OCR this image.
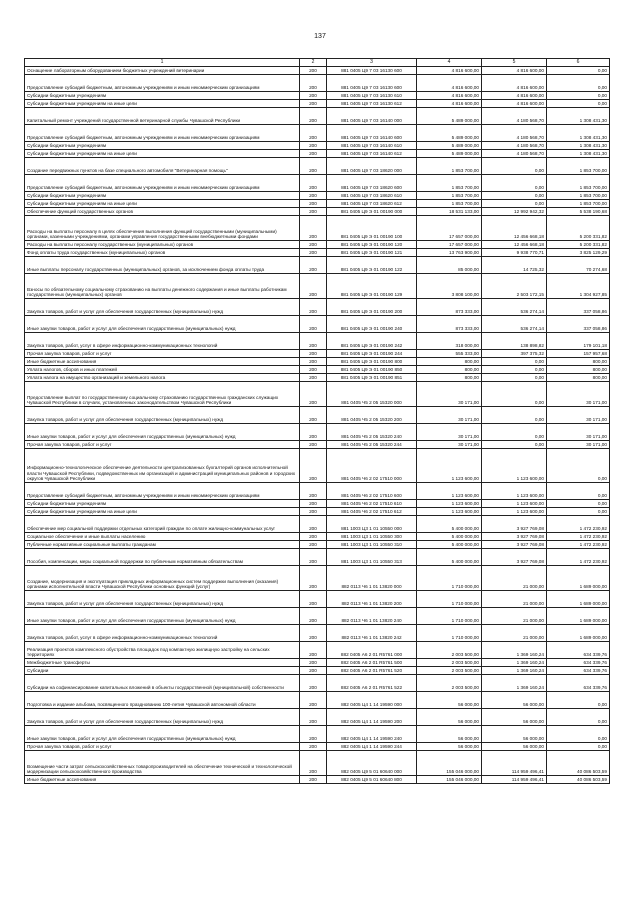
137
1	2	3	4	5	6
Оснащение лабораторным оборудованием бюджетных учреждений ветеринарии	200	881 0405 Ц9 7 03 16130 600	4 816 600,00	4 816 600,00	0,00
Предоставление субсидий бюджетным, автономным учреждениям и иным некоммерческим организациям	200	881 0405 Ц9 7 03 16130 600	4 816 600,00	4 816 600,00	0,00
Субсидии бюджетным учреждениям	200	881 0405 Ц9 7 03 16130 610	4 816 600,00	4 816 600,00	0,00
Субсидии бюджетным учреждениям на иные цели	200	881 0405 Ц9 7 03 16130 612	4 816 600,00	4 816 600,00	0,00
Капитальный ремонт учреждений государственной ветеринарной службы Чувашской Республики	200	881 0405 Ц9 7 03 16140 000	5 489 000,00	4 180 568,70	1 308 431,30
Предоставление субсидий бюджетным, автономным учреждениям и иным некоммерческим организациям	200	881 0405 Ц9 7 03 16140 600	5 489 000,00	4 180 568,70	1 308 431,30
Субсидии бюджетным учреждениям	200	881 0405 Ц9 7 03 16140 610	5 489 000,00	4 180 568,70	1 308 431,30
Субсидии бюджетным учреждениям на иные цели	200	881 0405 Ц9 7 03 16140 612	5 489 000,00	4 180 568,70	1 308 431,30
Создание передвижных пунктов на базе специального автомобиля "Ветеринарная помощь"	200	881 0405 Ц9 7 03 18620 000	1 853 700,00	0,00	1 853 700,00
Предоставление субсидий бюджетным, автономным учреждениям и иным некоммерческим организациям	200	881 0405 Ц9 7 03 18620 600	1 853 700,00	0,00	1 853 700,00
Субсидии бюджетным учреждениям	200	881 0405 Ц9 7 03 18620 610	1 853 700,00	0,00	1 853 700,00
Субсидии бюджетным учреждениям на иные цели	200	881 0405 Ц9 7 03 18620 612	1 853 700,00	0,00	1 853 700,00
Обеспечение функций государственных органов	200	881 0405 Ц9 Э 01 00190 000	18 531 133,00	12 992 942,32	5 538 190,68
Расходы на выплаты персоналу в целях обеспечения выполнения функций государственными (муниципальными) органами, казенными учреждениями, органами управления государственными внебюджетными фондами	200	881 0405 Ц9 Э 01 00190 100	17 657 000,00	12 456 668,18	5 200 331,82
Расходы на выплаты персоналу государственных (муниципальных) органов	200	881 0405 Ц9 Э 01 00190 120	17 657 000,00	12 456 668,18	5 200 331,82
Фонд оплаты труда государственных (муниципальных) органов	200	881 0405 Ц9 Э 01 00190 121	13 763 900,00	9 938 770,71	3 825 129,29
Иные выплаты персоналу государственных (муниципальных) органов, за исключением фонда оплаты труда	200	881 0405 Ц9 Э 01 00190 122	85 000,00	14 725,32	70 274,68
Взносы по обязательному социальному страхованию на выплаты денежного содержания и иные выплаты работникам государственных (муниципальных) органов	200	881 0405 Ц9 Э 01 00190 129	3 808 100,00	2 503 172,15	1 304 927,85
Закупка товаров, работ и услуг для обеспечения государственных (муниципальных) нужд	200	881 0405 Ц9 Э 01 00190 200	873 333,00	536 274,14	337 058,86
Иные закупки товаров, работ и услуг для обеспечения государственных (муниципальных) нужд	200	881 0405 Ц9 Э 01 00190 240	873 333,00	536 274,14	337 058,86
Закупка товаров, работ, услуг в сфере информационно-коммуникационных технологий	200	881 0405 Ц9 Э 01 00190 242	318 000,00	138 898,82	179 101,18
Прочая закупка товаров, работ и услуг	200	881 0405 Ц9 Э 01 00190 244	555 333,00	397 375,32	157 957,68
Иные бюджетные ассигнования	200	881 0405 Ц9 Э 01 00190 800	800,00	0,00	800,00
Уплата налогов, сборов и иных платежей	200	881 0405 Ц9 Э 01 00190 850	800,00	0,00	800,00
Уплата налога на имущество организаций и земельного налога	200	881 0405 Ц9 Э 01 00190 851	800,00	0,00	800,00
Предоставление выплат по государственному социальному страхованию государственных гражданских служащих Чувашской Республики в случаях, установленных законодательством Чувашской Республики	200	881 0405 Ч5 2 05 15320 000	30 171,00	0,00	30 171,00
Закупка товаров, работ и услуг для обеспечения государственных (муниципальных) нужд	200	881 0405 Ч5 2 05 15320 200	30 171,00	0,00	30 171,00
Иные закупки товаров, работ и услуг для обеспечения государственных (муниципальных) нужд	200	881 0405 Ч5 2 05 15320 240	30 171,00	0,00	30 171,00
Прочая закупка товаров, работ и услуг	200	881 0405 Ч5 2 05 15320 244	30 171,00	0,00	30 171,00
Информационно-технологическое обеспечение деятельности централизованных бухгалтерий органов исполнительной власти Чувашской Республики, подведомственных им организаций и администраций муниципальных районов и городских округов Чувашской Республики	200	881 0405 Ч6 2 02 17510 000	1 123 600,00	1 123 600,00	0,00
Предоставление субсидий бюджетным, автономным учреждениям и иным некоммерческим организациям	200	881 0405 Ч6 2 02 17510 600	1 123 600,00	1 123 600,00	0,00
Субсидии бюджетным учреждениям	200	881 0405 Ч6 2 02 17510 610	1 123 600,00	1 123 600,00	0,00
Субсидии бюджетным учреждениям на иные цели	200	881 0405 Ч6 2 02 17510 612	1 123 600,00	1 123 600,00	0,00
Обеспечение мер социальной поддержки отдельных категорий граждан по оплате жилищно-коммунальных услуг	200	881 1003 Ц3 1 01 10550 000	5 400 000,00	3 927 769,08	1 472 230,92
Социальное обеспечение и иные выплаты населению	200	881 1003 Ц3 1 01 10550 300	5 400 000,00	3 927 769,08	1 472 230,92
Публичные нормативные социальные выплаты гражданам	200	881 1003 Ц3 1 01 10550 310	5 400 000,00	3 927 769,08	1 472 230,92
Пособия, компенсации, меры социальной поддержки по публичным нормативным обязательствам	200	881 1003 Ц3 1 01 10550 313	5 400 000,00	3 927 769,08	1 472 230,92
Создание, модернизация и эксплуатация прикладных информационных систем поддержки выполнения (оказания) органами исполнительной власти Чувашской Республики основных функций (услуг)	200	882 0113 Ч6 1 01 13820 000	1 710 000,00	21 000,00	1 689 000,00
Закупка товаров, работ и услуг для обеспечения государственных (муниципальных) нужд	200	882 0113 Ч6 1 01 13820 200	1 710 000,00	21 000,00	1 689 000,00
Иные закупки товаров, работ и услуг для обеспечения государственных (муниципальных) нужд	200	882 0113 Ч6 1 01 13820 240	1 710 000,00	21 000,00	1 689 000,00
Закупка товаров, работ, услуг в сфере информационно-коммуникационных технологий	200	882 0113 Ч6 1 01 13820 242	1 710 000,00	21 000,00	1 689 000,00
Реализация проектов комплексного обустройства площадок под компактную жилищную застройку на сельских территориях	200	882 0405 А6 2 01 R5761 000	2 003 500,00	1 369 160,24	634 339,76
Межбюджетные трансферты	200	882 0405 А6 2 01 R5761 500	2 003 500,00	1 369 160,24	634 339,76
Субсидии	200	882 0405 А6 2 01 R5761 520	2 003 500,00	1 369 160,24	634 339,76
Субсидии на софинансирование капитальных вложений в объекты государственной (муниципальной) собственности	200	882 0405 А6 2 01 R5761 522	2 003 500,00	1 369 160,24	634 339,76
Подготовка и издание альбома, посвященного празднованию 100-летия Чувашской автономной области	200	882 0405 Ц4 1 14 19590 000	56 000,00	56 000,00	0,00
Закупка товаров, работ и услуг для обеспечения государственных (муниципальных) нужд	200	882 0405 Ц4 1 14 19590 200	56 000,00	56 000,00	0,00
Иные закупки товаров, работ и услуг для обеспечения государственных (муниципальных) нужд	200	882 0405 Ц4 1 14 19590 240	56 000,00	56 000,00	0,00
Прочая закупка товаров, работ и услуг	200	882 0405 Ц4 1 14 19590 244	56 000,00	56 000,00	0,00
Возмещение части затрат сельскохозяйственных товаропроизводителей на обеспечение технической и технологической модернизации сельскохозяйственного производства	200	882 0405 Ц9 5 01 60640 000	155 046 000,00	114 959 496,41	40 086 503,59
Иные бюджетные ассигнования	200	882 0405 Ц9 5 01 60640 800	155 046 000,00	114 959 496,41	40 086 503,59
